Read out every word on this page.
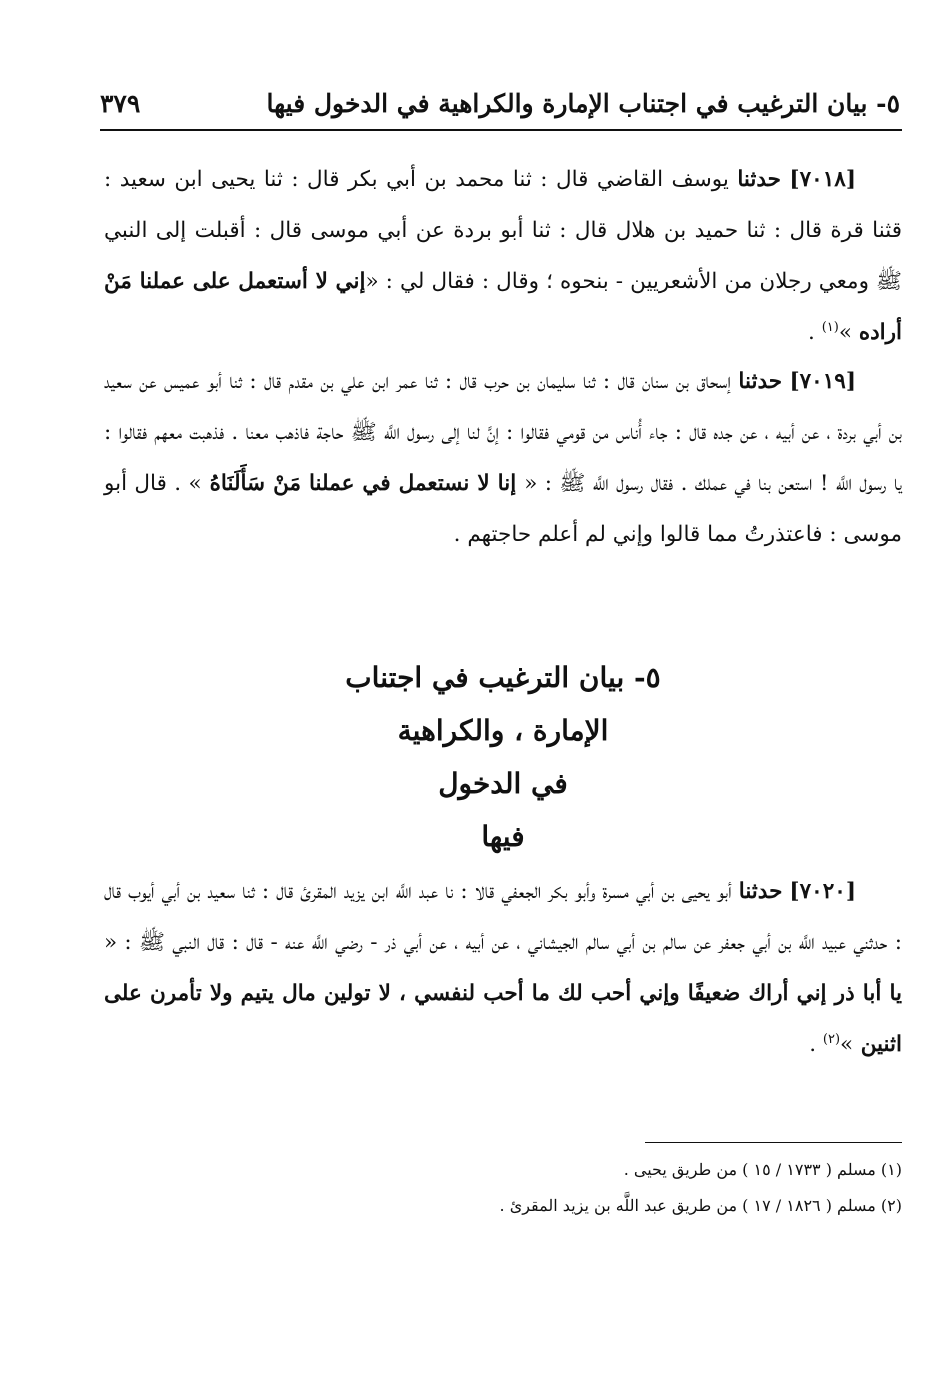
٥- بيان الترغيب في اجتناب الإمارة والكراهية في الدخول فيها
٣٧٩

[٧٠١٨] حدثنا يوسف القاضي قال : ثنا محمد بن أبي بكر قال : ثنا يحيى ابن سعيد : قثنا قرة قال : ثنا حميد بن هلال قال : ثنا أبو بردة عن أبي موسى قال : أقبلت إلى النبي ﷺ ومعي رجلان من الأشعريين - بنحوه ؛ وقال : فقال لي : «إني لا أستعمل على عملنا مَنْ أراده »$^{(١)}$ .

[٧٠١٩] حدثنا إسحاق بن سنان قال : ثنا سليمان بن حرب قال : ثنا عمر ابن علي بن مقدم قال : ثنا أبو عميس عن سعيد بن أبي بردة ، عن أبيه ، عن جده قال : جاء أُناس من قومي فقالوا : إنَّ لنا إلى رسول اللَّه ﷺ حاجة فاذهب معنا . فذهبت معهم فقالوا : يا رسول اللَّه ! استعن بنا في عملك . فقال رسول اللَّه ﷺ : « إنا لا نستعمل في عملنا مَنْ سَأَلَنَاهُ » . قال أبو موسى : فاعتذرتُ مما قالوا وإني لم أعلم حاجتهم .

٥- بيان الترغيب في اجتناب
الإمارة ، والكراهية
في الدخول
فيها

[٧٠٢٠] حدثنا أبو يحيى بن أبي مسرة وأبو بكر الجعفي قالا : نا عبد اللَّه ابن يزيد المقرئ قال : ثنا سعيد بن أبي أيوب قال : حدثني عبيد اللَّه بن أبي جعفر عن سالم بن أبي سالم الجيشاني ، عن أبيه ، عن أبي ذر - رضي اللَّه عنه - قال : قال النبي ﷺ : « يا أبا ذر إني أراك ضعيفًا وإني أحب لك ما أحب لنفسي ، لا تولين مال يتيم ولا تأمرن على اثنين »$^{(٢)}$ .

(١) مسلم ( ١٧٣٣ / ١٥ ) من طريق يحيى .
(٢) مسلم ( ١٨٢٦ / ١٧ ) من طريق عبد اللَّه بن يزيد المقرئ .
